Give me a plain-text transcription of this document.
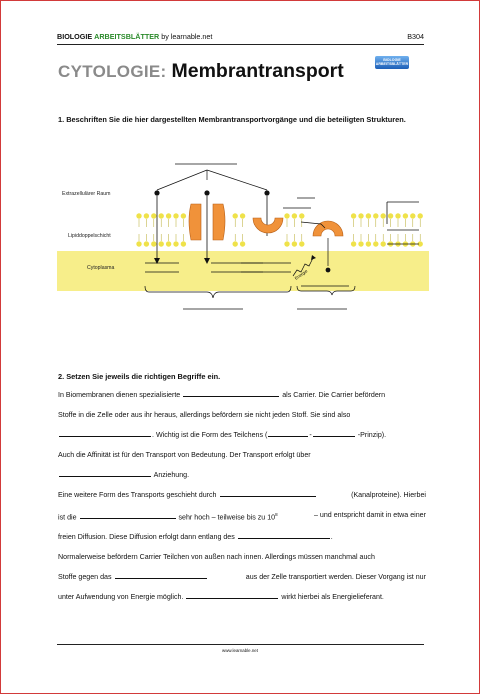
BIOLOGIE ARBEITSBLÄTTER by learnable.net	B304
CYTOLOGIE: Membrantransport	BIOLOGIE
ARBEITSBLÄTTER
1. Beschriften Sie die hier dargestellten Membrantransportvorgänge und die beteiligten Strukturen.
Energie
Extrazellulärer Raum
Lipiddoppelschicht
Cytoplasma
2. Setzen Sie jeweils die richtigen Begriffe ein.

In Biomembranen dienen spezialisierte	als Carrier. Die Carrier befördern

Stoffe in die Zelle oder aus ihr heraus, allerdings befördern sie nicht jeden Stoff. Sie sind also

. Wichtig ist die Form des Teilchens (	-	-Prinzip).

Auch die Affinität ist für den Transport von Bedeutung. Der Transport erfolgt über

Anziehung.

Eine weitere Form des Transports geschieht durch	(Kanalproteine). Hierbei

ist die	sehr hoch – teilweise bis zu $10^8$	– und entspricht damit in etwa einer

freien Diffusion. Diese Diffusion erfolgt dann entlang des	.

Normalerweise befördern Carrier Teilchen von außen nach innen. Allerdings müssen manchmal auch

Stoffe gegen das	aus der Zelle transportiert werden. Dieser Vorgang ist nur

unter Aufwendung von Energie möglich.	wirkt hierbei als Energielieferant.

www.learnable.net
